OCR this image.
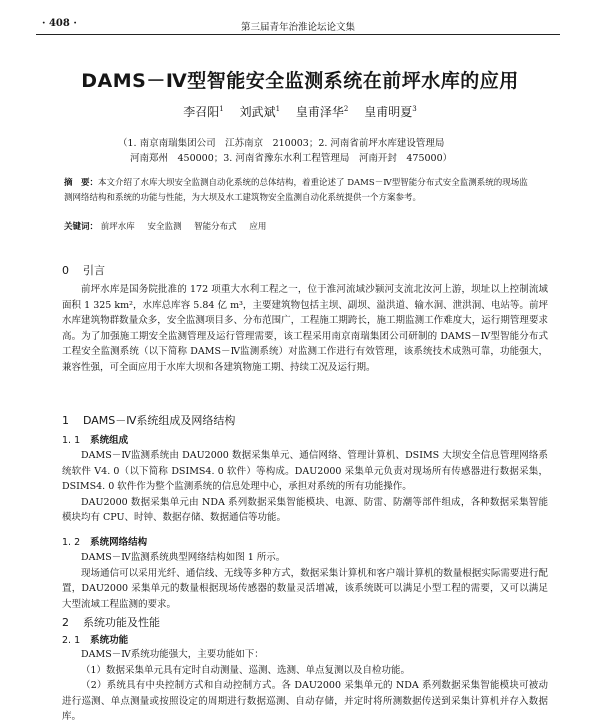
· 408 ·	第三届青年治淮论坛论文集
DAMS－Ⅳ型智能安全监测系统在前坪水库的应用
李召阳$^1$ 刘武斌$^1$ 皇甫泽华$^2$ 皇甫明夏$^3$
（1. 南京南瑞集团公司　江苏南京　210003；2. 河南省前坪水库建设管理局
河南郑州　450000；3. 河南省豫东水利工程管理局　河南开封　475000）
摘　要：本文介绍了水库大坝安全监测自动化系统的总体结构，着重论述了 DAMS－Ⅳ型智能分布式安全监测系统的现场监测网络结构和系统的功能与性能，为大坝及水工建筑物安全监测自动化系统提供一个方案参考。
关键词： 前坪水库 安全监测 智能分布式 应用
0 引言

前坪水库是国务院批准的 172 项重大水利工程之一，位于淮河流域沙颍河支流北汝河上游，坝址以上控制流域面积 1 325 km²，水库总库容 5.84 亿 m³，主要建筑物包括主坝、副坝、溢洪道、输水洞、泄洪洞、电站等。前坪水库建筑物群数量众多，安全监测项目多、分布范围广，工程施工期跨长，施工期监测工作难度大，运行期管理要求高。为了加强施工期安全监测管理及运行管理需要，该工程采用南京南瑞集团公司研制的 DAMS－Ⅳ型智能分布式工程安全监测系统（以下简称 DAMS－Ⅳ监测系统）对监测工作进行有效管理，该系统技术成熟可靠，功能强大，兼容性强，可全面应用于水库大坝和各建筑物施工期、持续工况及运行期。

1 DAMS－Ⅳ系统组成及网络结构
1. 1 系统组成

DAMS－Ⅳ监测系统由 DAU2000 数据采集单元、通信网络、管理计算机、DSIMS 大坝安全信息管理网络系统软件 V4. 0（以下简称 DSIMS4. 0 软件）等构成。DAU2000 采集单元负责对现场所有传感器进行数据采集，DSIMS4. 0 软件作为整个监测系统的信息处理中心，承担对系统的所有功能操作。

DAU2000 数据采集单元由 NDA 系列数据采集智能模块、电源、防雷、防潮等部件组成，各种数据采集智能模块均有 CPU、时钟、数据存储、数据通信等功能。

1. 2 系统网络结构

DAMS－Ⅳ监测系统典型网络结构如图 1 所示。

现场通信可以采用光纤、通信线、无线等多种方式，数据采集计算机和客户端计算机的数量根据实际需要进行配置，DAU2000 采集单元的数量根据现场传感器的数量灵活增减，该系统既可以满足小型工程的需要，又可以满足大型流域工程监测的要求。

2 系统功能及性能
2. 1 系统功能

DAMS－Ⅳ系统功能强大，主要功能如下：

（1）数据采集单元具有定时自动测量、巡测、选测、单点复测以及自检功能。

（2）系统具有中央控制方式和自动控制方式。各 DAU2000 采集单元的 NDA 系列数据采集智能模块可被动进行巡测、单点测量或按照设定的周期进行数据巡测、自动存储，并定时将所测数据传送到采集计算机并存入数据库。
